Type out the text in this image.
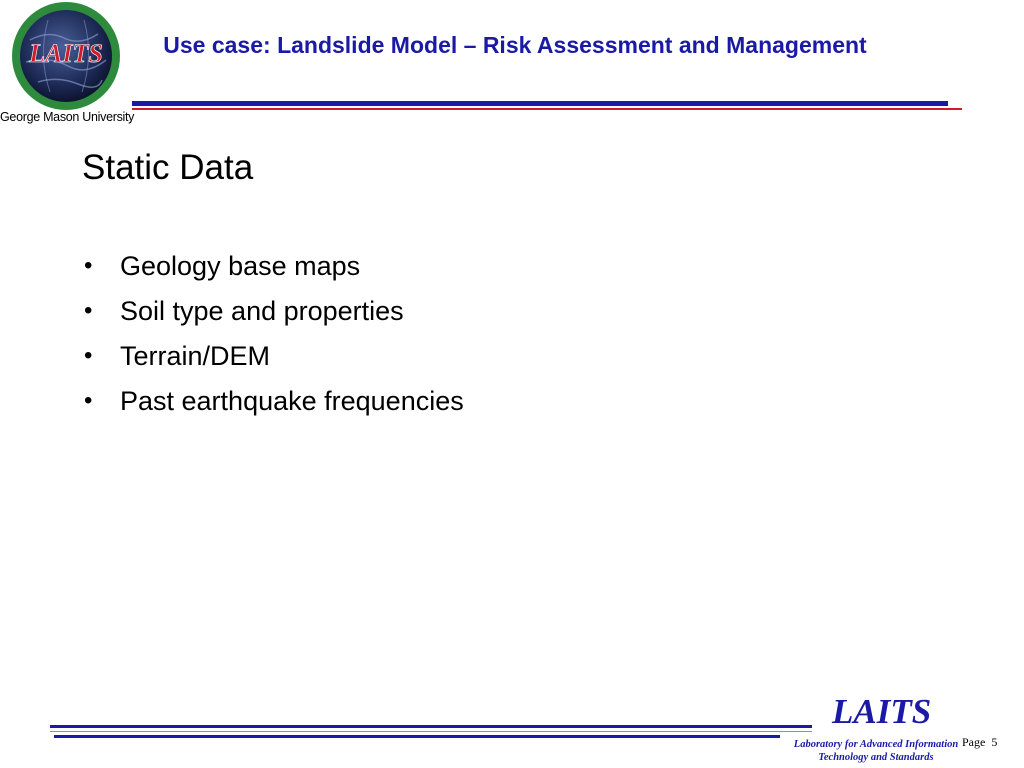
LAITS
George Mason University
Use case: Landslide Model – Risk Assessment and Management
Static Data
• Geology base maps
• Soil type and properties
• Terrain/DEM
• Past earthquake frequencies
LAITS
Laboratory for Advanced Information
Technology and Standards
Page 5
